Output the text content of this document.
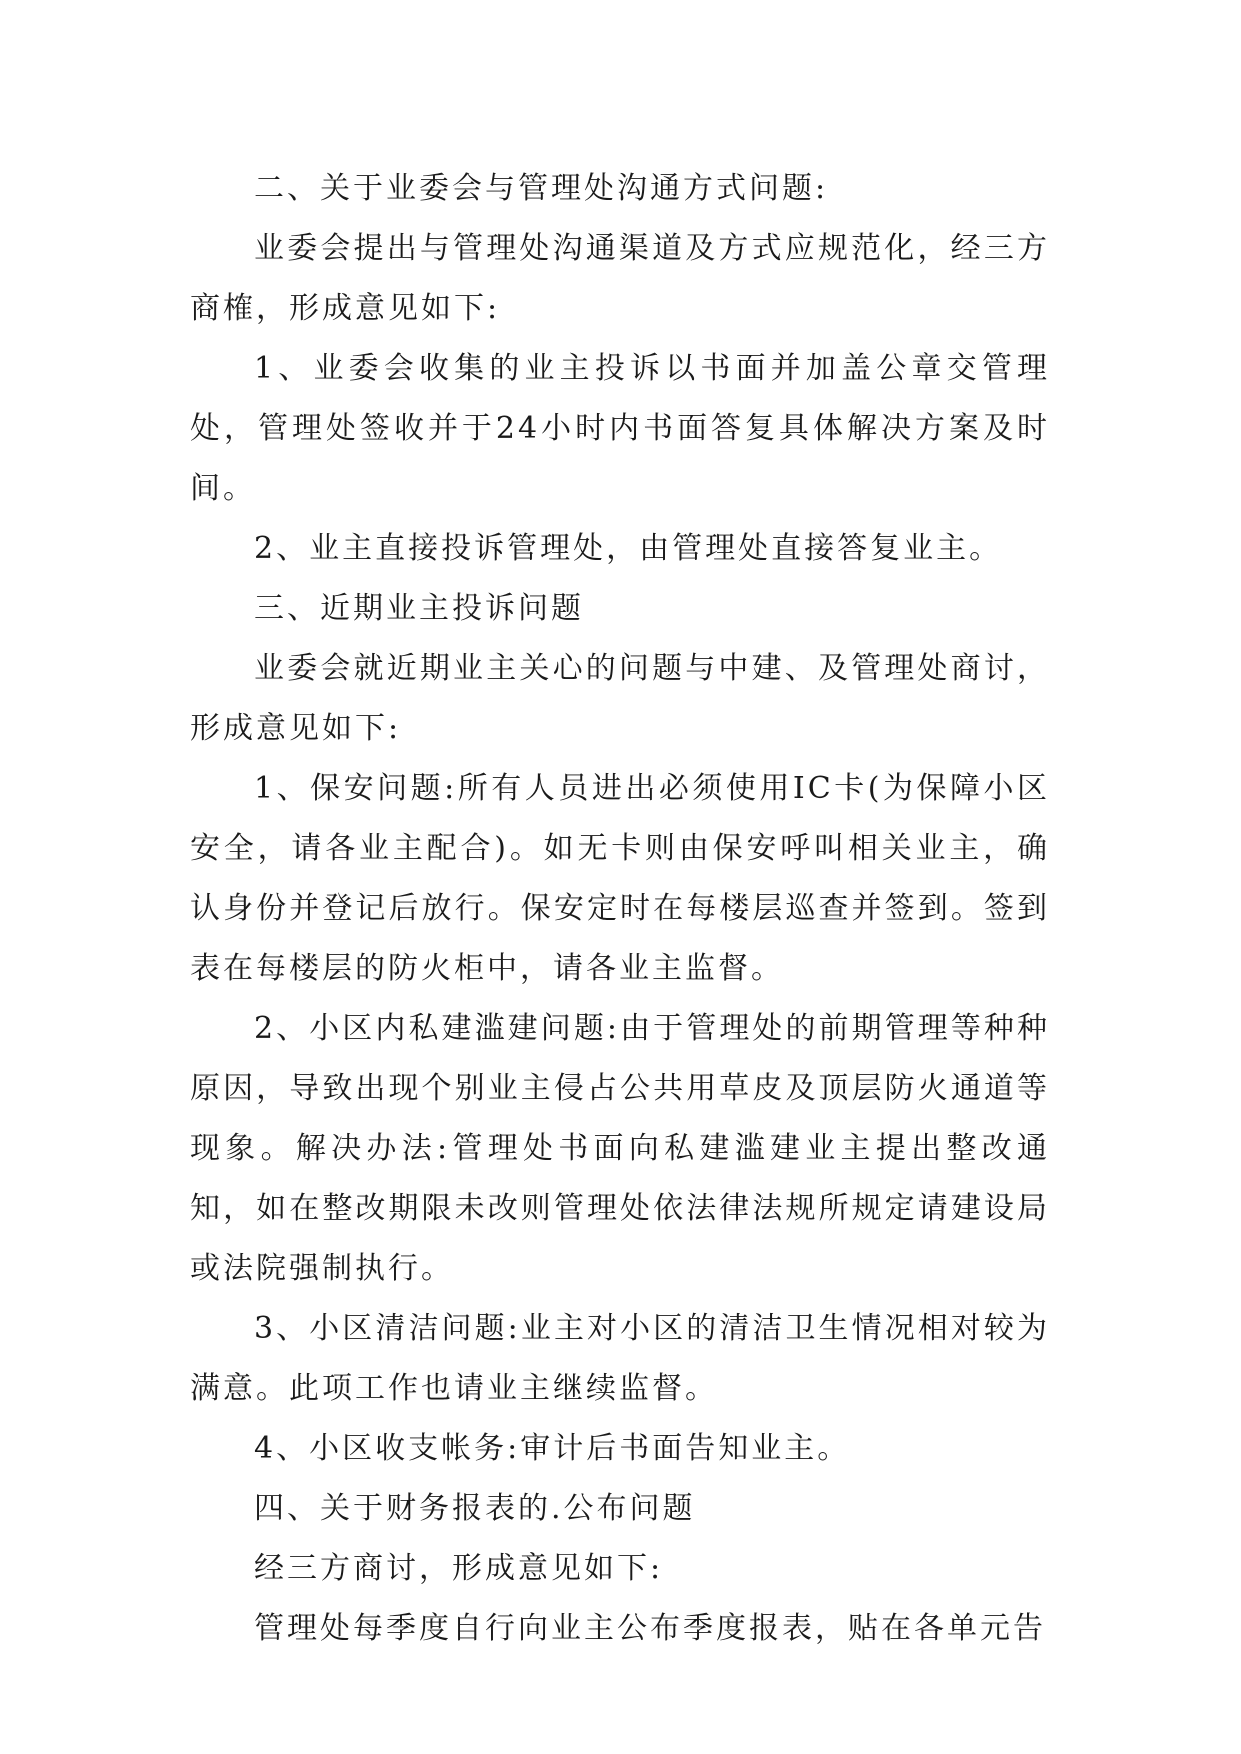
二、关于业委会与管理处沟通方式问题:

业委会提出与管理处沟通渠道及方式应规范化，经三方商榷，形成意见如下:

1、业委会收集的业主投诉以书面并加盖公章交管理处，管理处签收并于24小时内书面答复具体解决方案及时间。

2、业主直接投诉管理处，由管理处直接答复业主。

三、近期业主投诉问题

业委会就近期业主关心的问题与中建、及管理处商讨，形成意见如下:

1、保安问题:所有人员进出必须使用IC卡(为保障小区安全，请各业主配合)。如无卡则由保安呼叫相关业主，确认身份并登记后放行。保安定时在每楼层巡查并签到。签到表在每楼层的防火柜中，请各业主监督。

2、小区内私建滥建问题:由于管理处的前期管理等种种原因，导致出现个别业主侵占公共用草皮及顶层防火通道等现象。解决办法:管理处书面向私建滥建业主提出整改通知，如在整改期限未改则管理处依法律法规所规定请建设局或法院强制执行。

3、小区清洁问题:业主对小区的清洁卫生情况相对较为满意。此项工作也请业主继续监督。

4、小区收支帐务:审计后书面告知业主。

四、关于财务报表的.公布问题

经三方商讨，形成意见如下:

管理处每季度自行向业主公布季度报表，贴在各单元告
